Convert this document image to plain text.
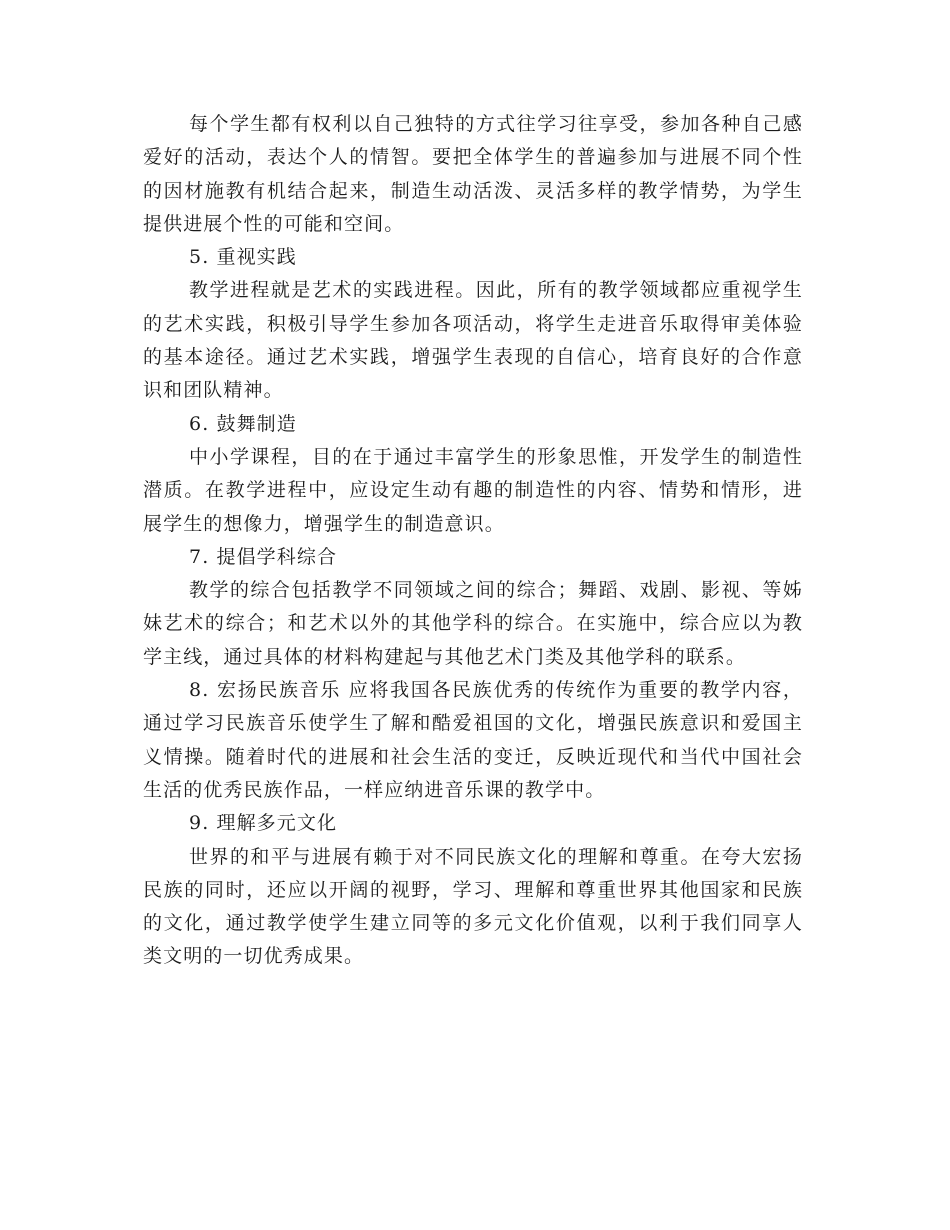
每个学生都有权利以自己独特的方式往学习往享受，参加各种自己感爱好的活动，表达个人的情智。要把全体学生的普遍参加与进展不同个性的因材施教有机结合起来，制造生动活泼、灵活多样的教学情势，为学生提供进展个性的可能和空间。

5. 重视实践

教学进程就是艺术的实践进程。因此，所有的教学领域都应重视学生的艺术实践，积极引导学生参加各项活动，将学生走进音乐取得审美体验的基本途径。通过艺术实践，增强学生表现的自信心，培育良好的合作意识和团队精神。

6. 鼓舞制造

中小学课程，目的在于通过丰富学生的形象思惟，开发学生的制造性潜质。在教学进程中，应设定生动有趣的制造性的内容、情势和情形，进展学生的想像力，增强学生的制造意识。

7. 提倡学科综合

教学的综合包括教学不同领域之间的综合；舞蹈、戏剧、影视、等姊妹艺术的综合；和艺术以外的其他学科的综合。在实施中，综合应以为教学主线，通过具体的材料构建起与其他艺术门类及其他学科的联系。

8. 宏扬民族音乐 应将我国各民族优秀的传统作为重要的教学内容，通过学习民族音乐使学生了解和酷爱祖国的文化，增强民族意识和爱国主义情操。随着时代的进展和社会生活的变迁，反映近现代和当代中国社会生活的优秀民族作品，一样应纳进音乐课的教学中。

9. 理解多元文化

世界的和平与进展有赖于对不同民族文化的理解和尊重。在夸大宏扬民族的同时，还应以开阔的视野，学习、理解和尊重世界其他国家和民族的文化，通过教学使学生建立同等的多元文化价值观，以利于我们同享人类文明的一切优秀成果。
